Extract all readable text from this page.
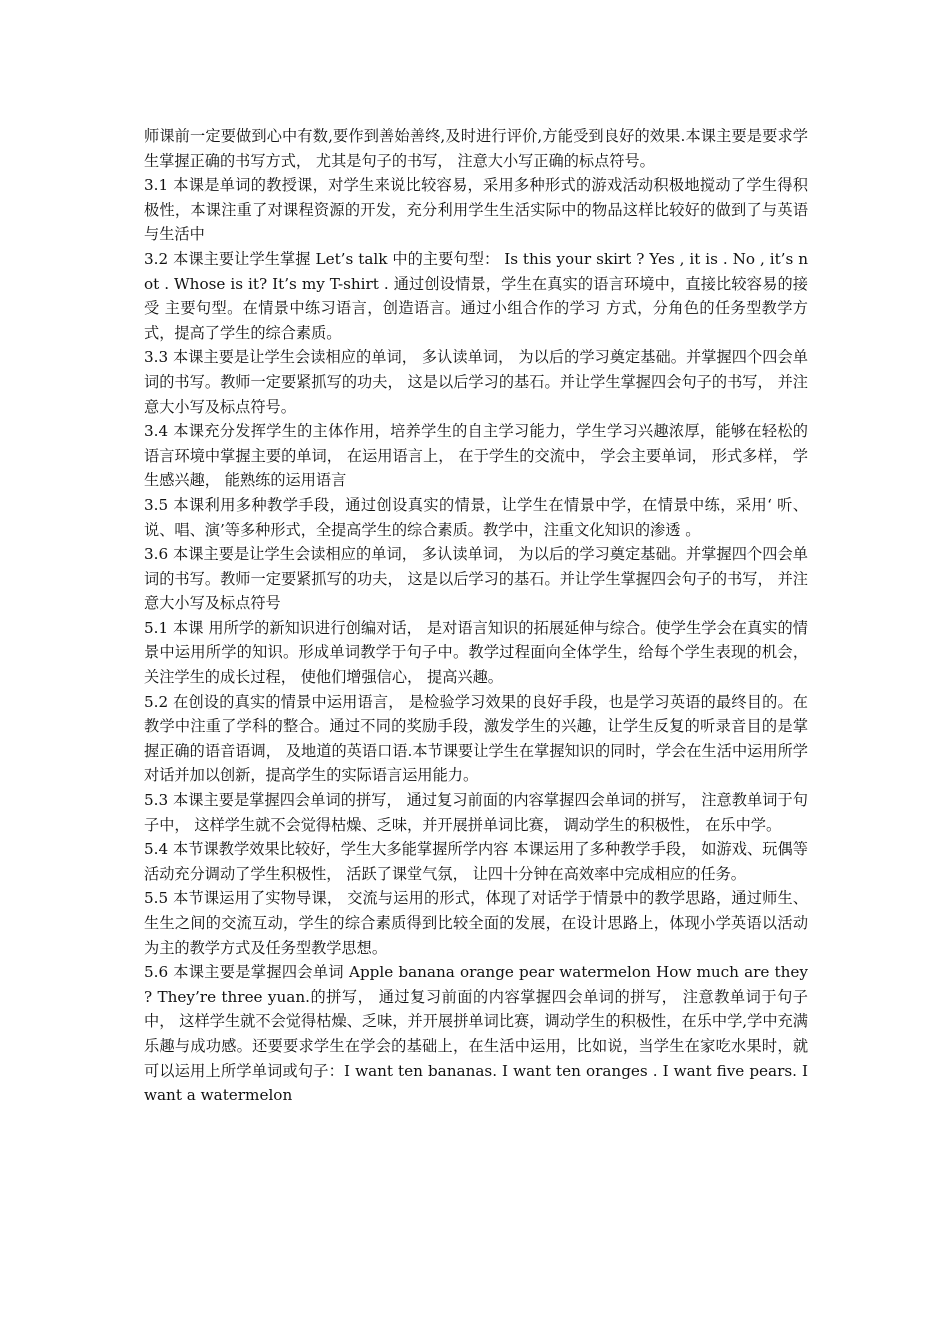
师课前一定要做到心中有数,要作到善始善终,及时进行评价,方能受到良好的效果.本课主要是要求学生掌握正确的书写方式， 尤其是句子的书写， 注意大小写正确的标点符号。

3.1 本课是单词的教授课，对学生来说比较容易，采用多种形式的游戏活动积极地搅动了学生得积极性，本课注重了对课程资源的开发，充分利用学生生活实际中的物品这样比较好的做到了与英语与生活中

3.2 本课主要让学生掌握 Let’s talk 中的主要句型： Is this your skirt ? Yes , it is . No , it’s not . Whose is it? It’s my T-shirt . 通过创设情景，学生在真实的语言环境中，直接比较容易的接受 主要句型。在情景中练习语言，创造语言。通过小组合作的学习 方式，分角色的任务型教学方式，提高了学生的综合素质。

3.3 本课主要是让学生会读相应的单词， 多认读单词， 为以后的学习奠定基础。并掌握四个四会单词的书写。教师一定要紧抓写的功夫， 这是以后学习的基石。并让学生掌握四会句子的书写， 并注意大小写及标点符号。

3.4 本课充分发挥学生的主体作用，培养学生的自主学习能力，学生学习兴趣浓厚，能够在轻松的语言环境中掌握主要的单词， 在运用语言上， 在于学生的交流中， 学会主要单词， 形式多样， 学生感兴趣， 能熟练的运用语言

3.5 本课利用多种教学手段，通过创设真实的情景，让学生在情景中学，在情景中练，采用‘ 听、说、唱、演’等多种形式，全提高学生的综合素质。教学中，注重文化知识的渗透 。

3.6 本课主要是让学生会读相应的单词， 多认读单词， 为以后的学习奠定基础。并掌握四个四会单词的书写。教师一定要紧抓写的功夫， 这是以后学习的基石。并让学生掌握四会句子的书写， 并注意大小写及标点符号

5.1 本课 用所学的新知识进行创编对话， 是对语言知识的拓展延伸与综合。使学生学会在真实的情景中运用所学的知识。形成单词教学于句子中。教学过程面向全体学生，给每个学生表现的机会， 关注学生的成长过程， 使他们增强信心， 提高兴趣。

5.2 在创设的真实的情景中运用语言， 是检验学习效果的良好手段，也是学习英语的最终目的。在教学中注重了学科的整合。通过不同的奖励手段，激发学生的兴趣，让学生反复的听录音目的是掌握正确的语音语调， 及地道的英语口语.本节课要让学生在掌握知识的同时，学会在生活中运用所学对话并加以创新，提高学生的实际语言运用能力。

5.3 本课主要是掌握四会单词的拼写， 通过复习前面的内容掌握四会单词的拼写， 注意教单词于句子中， 这样学生就不会觉得枯燥、乏味，并开展拼单词比赛， 调动学生的积极性， 在乐中学。

5.4 本节课教学效果比较好，学生大多能掌握所学内容 本课运用了多种教学手段， 如游戏、玩偶等活动充分调动了学生积极性， 活跃了课堂气氛， 让四十分钟在高效率中完成相应的任务。

5.5 本节课运用了实物导课， 交流与运用的形式，体现了对话学于情景中的教学思路，通过师生、生生之间的交流互动，学生的综合素质得到比较全面的发展，在设计思路上，体现小学英语以活动为主的教学方式及任务型教学思想。

5.6 本课主要是掌握四会单词 Apple banana orange pear watermelon How much are they ? They’re three yuan.的拼写， 通过复习前面的内容掌握四会单词的拼写， 注意教单词于句子中， 这样学生就不会觉得枯燥、乏味，并开展拼单词比赛，调动学生的积极性，在乐中学,学中充满乐趣与成功感。还要要求学生在学会的基础上，在生活中运用，比如说，当学生在家吃水果时，就可以运用上所学单词或句子：I want ten bananas. I want ten oranges . I want five pears. I want a watermelon
